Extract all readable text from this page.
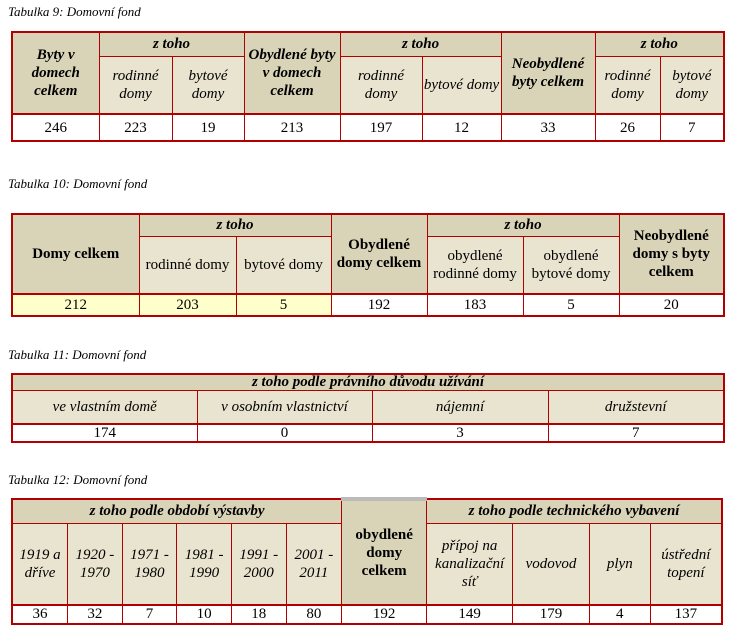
Tabulka 9: Domovní fond
Byty v domech celkem	z toho		Obydlené byty v domech celkem	z toho		Neobydlené byty celkem	z toho	
	rodinné domy	bytové domy		rodinné domy	bytové domy		rodinné domy	bytové domy
246	223	19	213	197	12	33	26	7
Tabulka 10: Domovní fond
Domy celkem	z toho		Obydlené domy celkem	z toho		Neobydlené domy s byty celkem
	rodinné domy	bytové domy		obydlené rodinné domy	obydlené bytové domy	
212	203	5	192	183	5	20
Tabulka 11: Domovní fond
z toho podle právního důvodu užívání			
ve vlastním domě	v osobním vlastnictví	nájemní	družstevní
174	0	3	7
Tabulka 12: Domovní fond
z toho podle období výstavby						obydlené domy celkem	z toho podle technického vybavení			
1919 a dříve	1920 - 1970	1971 - 1980	1981 - 1990	1991 - 2000	2001 - 2011		přípoj na kanalizační síť	vodovod	plyn	ústřední topení
36	32	7	10	18	80	192	149	179	4	137
